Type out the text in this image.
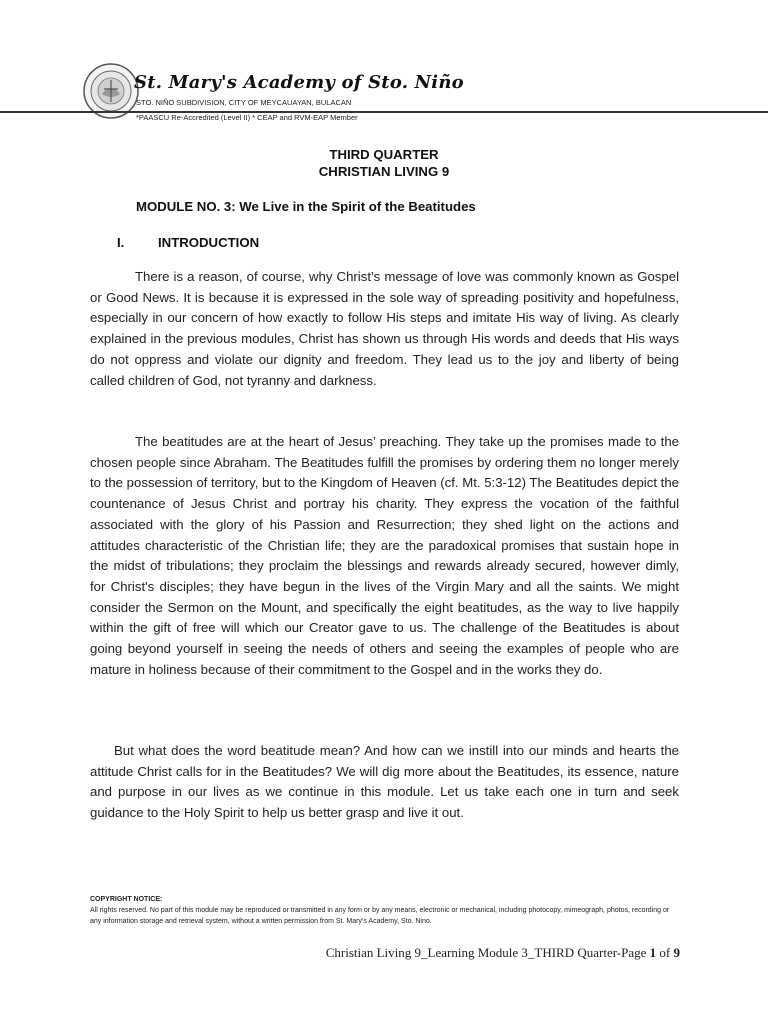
St. Mary's Academy of Sto. Niño
STO. NIÑO SUBDIVISION, CITY OF MEYCAUAYAN, BULACAN
*PAASCU Re-Accredited (Level II) * CEAP and RVM-EAP Member
THIRD QUARTER
CHRISTIAN LIVING 9
MODULE NO. 3: We Live in the Spirit of the Beatitudes
I.	INTRODUCTION
There is a reason, of course, why Christ’s message of love was commonly known as Gospel or Good News. It is because it is expressed in the sole way of spreading positivity and hopefulness, especially in our concern of how exactly to follow His steps and imitate His way of living. As clearly explained in the previous modules, Christ has shown us through His words and deeds that His ways do not oppress and violate our dignity and freedom. They lead us to the joy and liberty of being called children of God, not tyranny and darkness.
The beatitudes are at the heart of Jesus’ preaching. They take up the promises made to the chosen people since Abraham. The Beatitudes fulfill the promises by ordering them no longer merely to the possession of territory, but to the Kingdom of Heaven (cf. Mt. 5:3-12) The Beatitudes depict the countenance of Jesus Christ and portray his charity. They express the vocation of the faithful associated with the glory of his Passion and Resurrection; they shed light on the actions and attitudes characteristic of the Christian life; they are the paradoxical promises that sustain hope in the midst of tribulations; they proclaim the blessings and rewards already secured, however dimly, for Christ's disciples; they have begun in the lives of the Virgin Mary and all the saints. We might consider the Sermon on the Mount, and specifically the eight beatitudes, as the way to live happily within the gift of free will which our Creator gave to us. The challenge of the Beatitudes is about going beyond yourself in seeing the needs of others and seeing the examples of people who are mature in holiness because of their commitment to the Gospel and in the works they do.
But what does the word beatitude mean? And how can we instill into our minds and hearts the attitude Christ calls for in the Beatitudes? We will dig more about the Beatitudes, its essence, nature and purpose in our lives as we continue in this module. Let us take each one in turn and seek guidance to the Holy Spirit to help us better grasp and live it out.
COPYRIGHT NOTICE:
All rights reserved. No part of this module may be reproduced or transmitted in any form or by any means, electronic or mechanical, including photocopy, mimeograph, photos, recording or any information storage and retrieval system, without a written permission from St. Mary’s Academy, Sto. Nino.
Christian Living 9_Learning Module 3_THIRD Quarter-Page 1 of 9
